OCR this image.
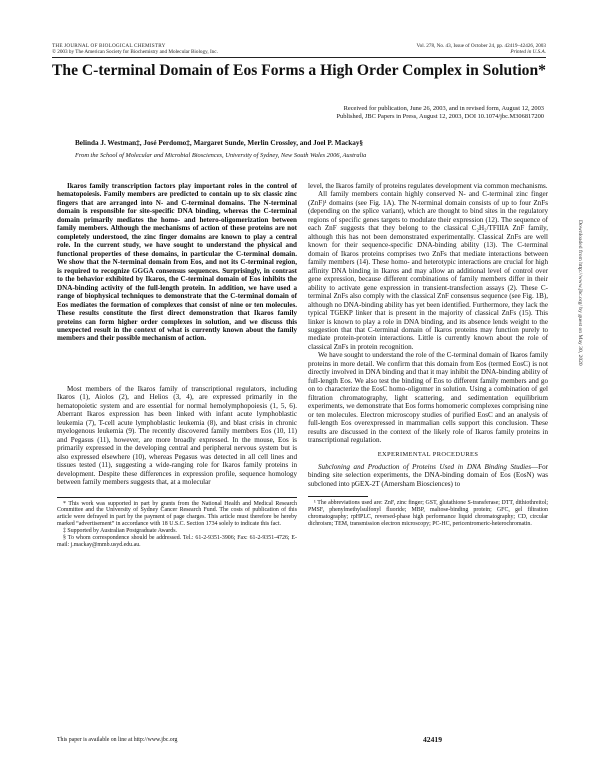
THE JOURNAL OF BIOLOGICAL CHEMISTRY
© 2003 by The American Society for Biochemistry and Molecular Biology, Inc.
Vol. 278, No. 43, Issue of October 24, pp. 42419–42426, 2003
Printed in U.S.A.
The C-terminal Domain of Eos Forms a High Order Complex in Solution*
Received for publication, June 26, 2003, and in revised form, August 12, 2003
Published, JBC Papers in Press, August 12, 2003, DOI 10.1074/jbc.M306817200
Belinda J. Westman‡, José Perdomo‡, Margaret Sunde, Merlin Crossley, and Joel P. Mackay§
From the School of Molecular and Microbial Biosciences, University of Sydney, New South Wales 2006, Australia

Ikaros family transcription factors play important roles in the control of hematopoiesis. Family members are predicted to contain up to six classic zinc fingers that are arranged into N- and C-terminal domains. The N-terminal domain is responsible for site-specific DNA binding, whereas the C-terminal domain primarily mediates the homo- and hetero-oligomerization between family members. Although the mechanisms of action of these proteins are not completely understood, the zinc finger domains are known to play a central role. In the current study, we have sought to understand the physical and functional properties of these domains, in particular the C-terminal domain. We show that the N-terminal domain from Eos, and not its C-terminal region, is required to recognize GGGA consensus sequences. Surprisingly, in contrast to the behavior exhibited by Ikaros, the C-terminal domain of Eos inhibits the DNA-binding activity of the full-length protein. In addition, we have used a range of biophysical techniques to demonstrate that the C-terminal domain of Eos mediates the formation of complexes that consist of nine or ten molecules. These results constitute the first direct demonstration that Ikaros family proteins can form higher order complexes in solution, and we discuss this unexpected result in the context of what is currently known about the family members and their possible mechanism of action.

Most members of the Ikaros family of transcriptional regulators, including Ikaros (1), Aiolos (2), and Helios (3, 4), are expressed primarily in the hematopoietic system and are essential for normal hemolymphopoiesis (1, 5, 6). Aberrant Ikaros expression has been linked with infant acute lymphoblastic leukemia (7), T-cell acute lymphoblastic leukemia (8), and blast crisis in chronic myelogenous leukemia (9). The recently discovered family members Eos (10, 11) and Pegasus (11), however, are more broadly expressed. In the mouse, Eos is primarily expressed in the developing central and peripheral nervous system but is also expressed elsewhere (10), whereas Pegasus was detected in all cell lines and tissues tested (11), suggesting a wide-ranging role for Ikaros family proteins in development. Despite these differences in expression profile, sequence homology between family members suggests that, at a molecular

* This work was supported in part by grants from the National Health and Medical Research Committee and the University of Sydney Cancer Research Fund. The costs of publication of this article were defrayed in part by the payment of page charges. This article must therefore be hereby marked “advertisement” in accordance with 18 U.S.C. Section 1734 solely to indicate this fact.

‡ Supported by Australian Postgraduate Awards.

§ To whom correspondence should be addressed. Tel.: 61-2-9351-3906; Fax: 61-2-9351-4726; E-mail: j.mackay@mmb.usyd.edu.au.

level, the Ikaros family of proteins regulates development via common mechanisms.

All family members contain highly conserved N- and C-terminal zinc finger (ZnF)¹ domains (see Fig. 1A). The N-terminal domain consists of up to four ZnFs (depending on the splice variant), which are thought to bind sites in the regulatory regions of specific genes targets to modulate their expression (12). The sequence of each ZnF suggests that they belong to the classical C₂H₂/TFIIIA ZnF family, although this has not been demonstrated experimentally. Classical ZnFs are well known for their sequence-specific DNA-binding ability (13). The C-terminal domain of Ikaros proteins comprises two ZnFs that mediate interactions between family members (14). These homo- and heterotypic interactions are crucial for high affinity DNA binding in Ikaros and may allow an additional level of control over gene expression, because different combinations of family members differ in their ability to activate gene expression in transient-transfection assays (2). These C-terminal ZnFs also comply with the classical ZnF consensus sequence (see Fig. 1B), although no DNA-binding ability has yet been identified. Furthermore, they lack the typical TGEKP linker that is present in the majority of classical ZnFs (15). This linker is known to play a role in DNA binding, and its absence lends weight to the suggestion that that C-terminal domain of Ikaros proteins may function purely to mediate protein-protein interactions. Little is currently known about the role of classical ZnFs in protein recognition.

We have sought to understand the role of the C-terminal domain of Ikaros family proteins in more detail. We confirm that this domain from Eos (termed EosC) is not directly involved in DNA binding and that it may inhibit the DNA-binding ability of full-length Eos. We also test the binding of Eos to different family members and go on to characterize the EosC homo-oligomer in solution. Using a combination of gel filtration chromatography, light scattering, and sedimentation equilibrium experiments, we demonstrate that Eos forms homomeric complexes comprising nine or ten molecules. Electron microscopy studies of purified EosC and an analysis of full-length Eos overexpressed in mammalian cells support this conclusion. These results are discussed in the context of the likely role of Ikaros family proteins in transcriptional regulation.

EXPERIMENTAL PROCEDURES

Subcloning and Production of Proteins Used in DNA Binding Studies—For binding site selection experiments, the DNA-binding domain of Eos (EosN) was subcloned into pGEX-2T (Amersham Biosciences) to

¹ The abbreviations used are: ZnF, zinc finger; GST, glutathione S-transferase; DTT, dithiothreitol; PMSF, phenylmethylsulfonyl fluoride; MBP, maltose-binding protein; GFC, gel filtration chromatography; rpHPLC, reversed-phase high performance liquid chromatography; CD, circular dichroism; TEM, transmission electron microscopy; PC-HC, pericentromeric-heterochromatin.

Downloaded from http://www.jbc.org/ by guest on May 30, 2020
This paper is available on line at http://www.jbc.org	42419
